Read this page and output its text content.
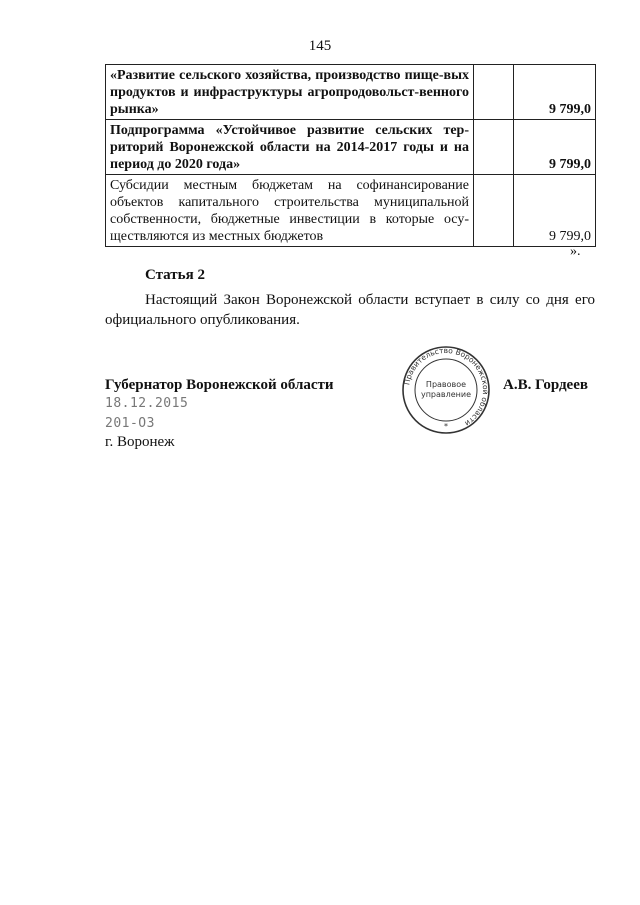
145
«Развитие сельского хозяйства, производство пище-вых продуктов и инфраструктуры агропродовольст-венного рынка»		9 799,0
Подпрограмма «Устойчивое развитие сельских тер-риторий Воронежской области на 2014-2017 годы и на период до 2020 года»		9 799,0
Субсидии местным бюджетам на софинансирование объектов капитального строительства муниципальной собственности, бюджетные инвестиции в которые осу-ществляются из местных бюджетов		9 799,0
».
Статья 2

Настоящий Закон Воронежской области вступает в силу со дня его официального опубликования.

Губернатор Воронежской области	Правительство Воронежской области
Правовое
управление
*
А.В. Гордеев
18.12.2015
201-ОЗ
г. Воронеж
